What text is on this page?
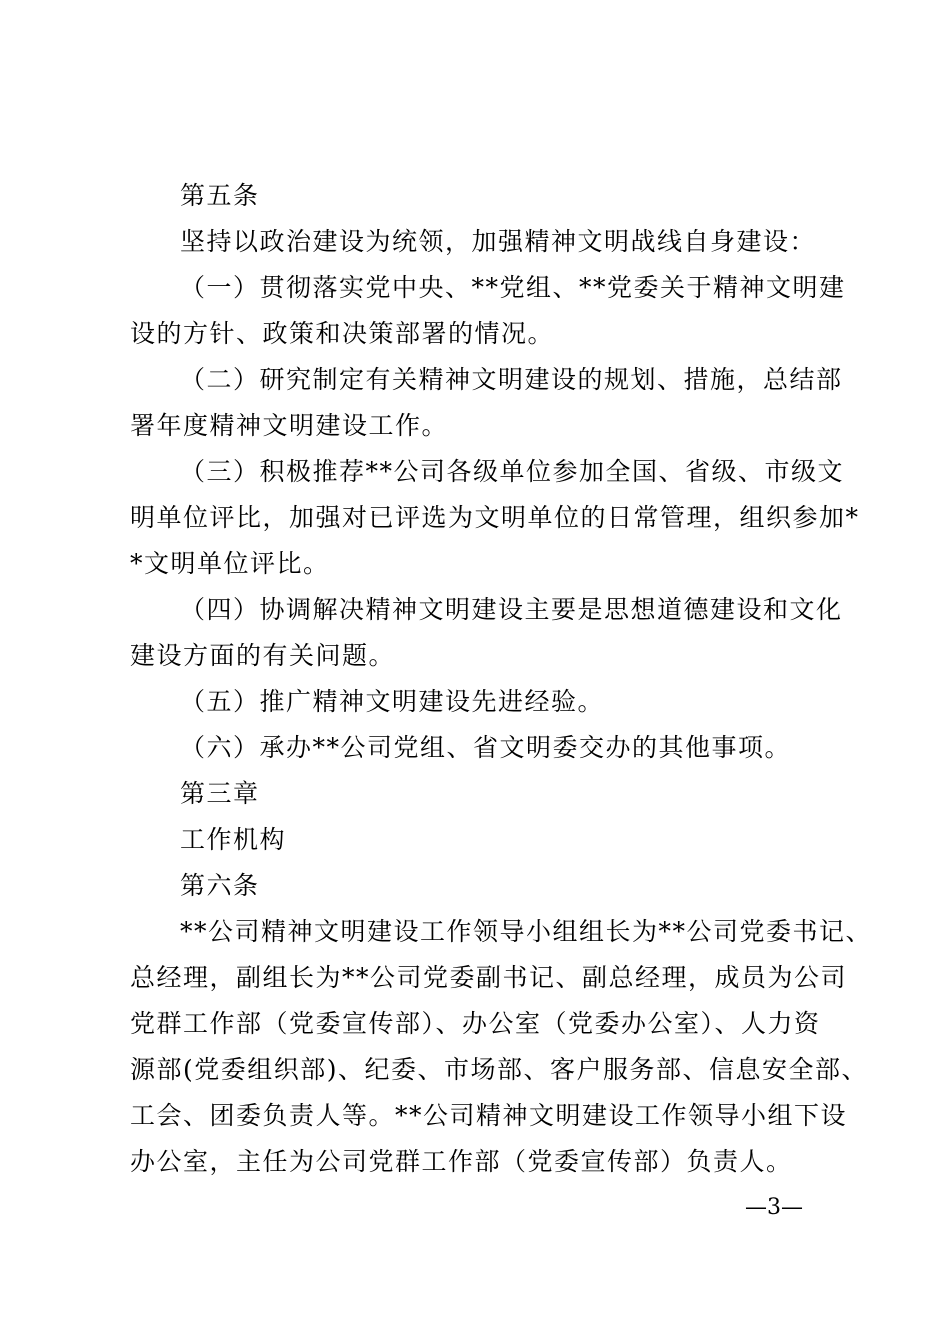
第五条
坚持以政治建设为统领，加强精神文明战线自身建设：
（一）贯彻落实党中央、**党组、**党委关于精神文明建
设的方针、政策和决策部署的情况。
（二）研究制定有关精神文明建设的规划、措施，总结部
署年度精神文明建设工作。
（三）积极推荐**公司各级单位参加全国、省级、市级文
明单位评比，加强对已评选为文明单位的日常管理，组织参加*
*文明单位评比。
（四）协调解决精神文明建设主要是思想道德建设和文化
建设方面的有关问题。
（五）推广精神文明建设先进经验。
（六）承办**公司党组、省文明委交办的其他事项。
第三章
工作机构
第六条
**公司精神文明建设工作领导小组组长为**公司党委书记、
总经理，副组长为**公司党委副书记、副总经理，成员为公司
党群工作部（党委宣传部）、办公室（党委办公室）、人力资
源部(党委组织部)、纪委、市场部、客户服务部、信息安全部、
工会、团委负责人等。**公司精神文明建设工作领导小组下设
办公室，主任为公司党群工作部（党委宣传部）负责人。
—3—
